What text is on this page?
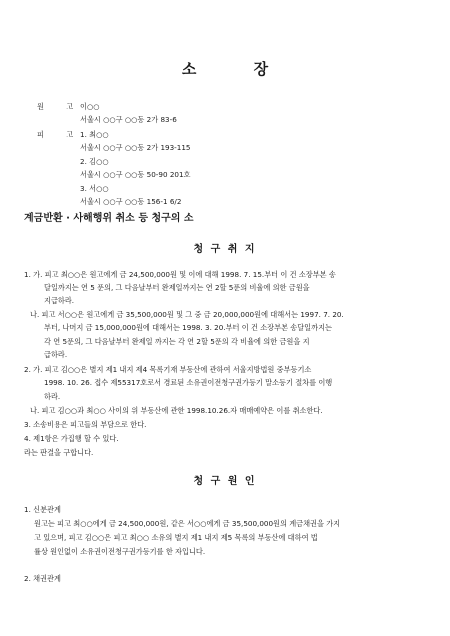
소 장
원 고
이○○
서울시 ○○구 ○○동 2가 83-6
피 고
1. 최○○
서울시 ○○구 ○○동 2가 193-115
2. 김○○
서울시 ○○구 ○○동 50-90 201호
3. 서○○
서울시 ○○구 ○○동 156-1 6/2
계금반환 · 사해행위 취소 등 청구의 소
청 구 취 지
1. 가. 피고 최○○은 원고에게 금 24,500,000원 및 이에 대해 1998. 7. 15.부터 이 건 소장부본 송
달일까지는 연 5 푼의, 그 다음날부터 완제일까지는 연 2할 5푼의 비율에 의한 금원을
지급하라.
나. 피고 서○○은 원고에게 금 35,500,000원 및 그 중 금 20,000,000원에 대해서는 1997. 7. 20.
부터, 나머지 금 15,000,000원에 대해서는 1998. 3. 20.부터 이 건 소장부본 송달일까지는
각 연 5푼의, 그 다음날부터 완제일 까지는 각 연 2할 5푼의 각 비율에 의한 금원을 지
급하라.
2. 가. 피고 김○○은 별지 제1 내지 제4 목록기재 부동산에 관하여 서울지방법원 중부등기소
1998. 10. 26. 접수 제55317호로서 경료된 소유권이전청구권가등기 말소등기 절차를 이행
하라.
나. 피고 김○○과 최○○ 사이의 위 부동산에 관한 1998.10.26.자 매매예약은 이를 취소한다.
3. 소송비용은 피고들의 부담으로 한다.
4. 제1항은 가집행 할 수 있다.
라는 판결을 구합니다.
청 구 원 인
1. 신분관계
원고는 피고 최○○에게 금 24,500,000원, 같은 서○○에게 금 35,500,000원의 계금채권을 가지
고 있으며, 피고 김○○은 피고 최○○ 소유의 별지 제1 내지 제5 목록의 부동산에 대하여 법
률상 원인없이 소유권이전청구권가등기를 한 자입니다.
2. 채권관계
